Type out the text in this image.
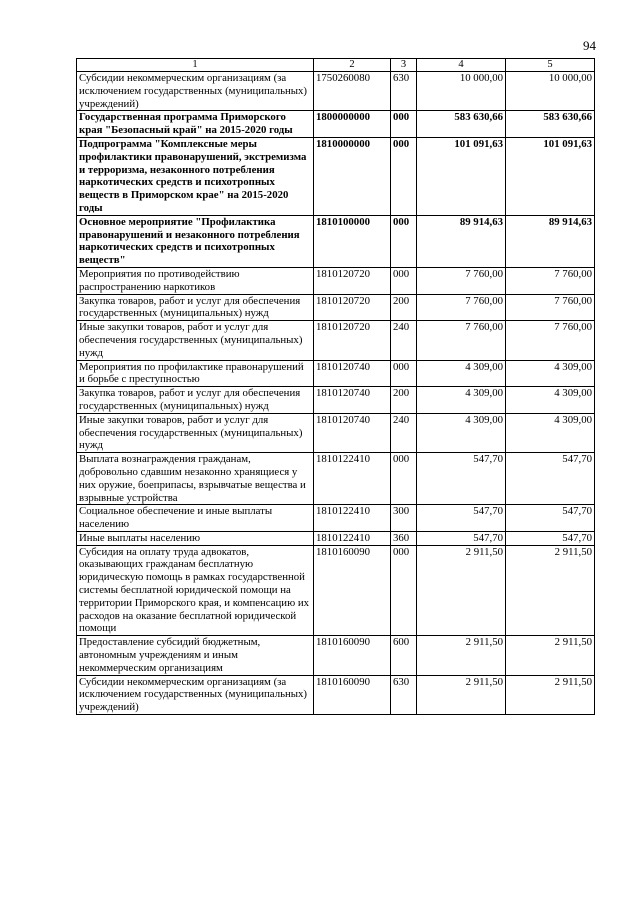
94
1	2	3	4	5
Субсидии некоммерческим организациям (за исключением государственных (муниципальных) учреждений)	1750260080	630	10 000,00	10 000,00
Государственная программа Приморского края "Безопасный край" на 2015-2020 годы	1800000000	000	583 630,66	583 630,66
Подпрограмма "Комплексные меры профилактики правонарушений, экстремизма и терроризма, незаконного потребления наркотических средств и психотропных веществ в Приморском крае" на 2015-2020 годы	1810000000	000	101 091,63	101 091,63
Основное мероприятие "Профилактика правонарушений и незаконного потребления наркотических средств и психотропных веществ"	1810100000	000	89 914,63	89 914,63
Мероприятия по противодействию распространению наркотиков	1810120720	000	7 760,00	7 760,00
Закупка товаров, работ и услуг для обеспечения государственных (муниципальных) нужд	1810120720	200	7 760,00	7 760,00
Иные закупки товаров, работ и услуг для обеспечения государственных (муниципальных) нужд	1810120720	240	7 760,00	7 760,00
Мероприятия по профилактике правонарушений и борьбе с преступностью	1810120740	000	4 309,00	4 309,00
Закупка товаров, работ и услуг для обеспечения государственных (муниципальных) нужд	1810120740	200	4 309,00	4 309,00
Иные закупки товаров, работ и услуг для обеспечения государственных (муниципальных) нужд	1810120740	240	4 309,00	4 309,00
Выплата вознаграждения гражданам, добровольно сдавшим незаконно хранящиеся у них оружие, боеприпасы, взрывчатые вещества и взрывные устройства	1810122410	000	547,70	547,70
Социальное обеспечение и иные выплаты населению	1810122410	300	547,70	547,70
Иные выплаты населению	1810122410	360	547,70	547,70
Субсидия на оплату труда адвокатов, оказывающих гражданам бесплатную юридическую помощь в рамках государственной системы бесплатной юридической помощи на территории Приморского края, и компенсацию их расходов на оказание бесплатной юридической помощи	1810160090	000	2 911,50	2 911,50
Предоставление субсидий бюджетным, автономным учреждениям и иным некоммерческим организациям	1810160090	600	2 911,50	2 911,50
Субсидии некоммерческим организациям (за исключением государственных (муниципальных) учреждений)	1810160090	630	2 911,50	2 911,50
